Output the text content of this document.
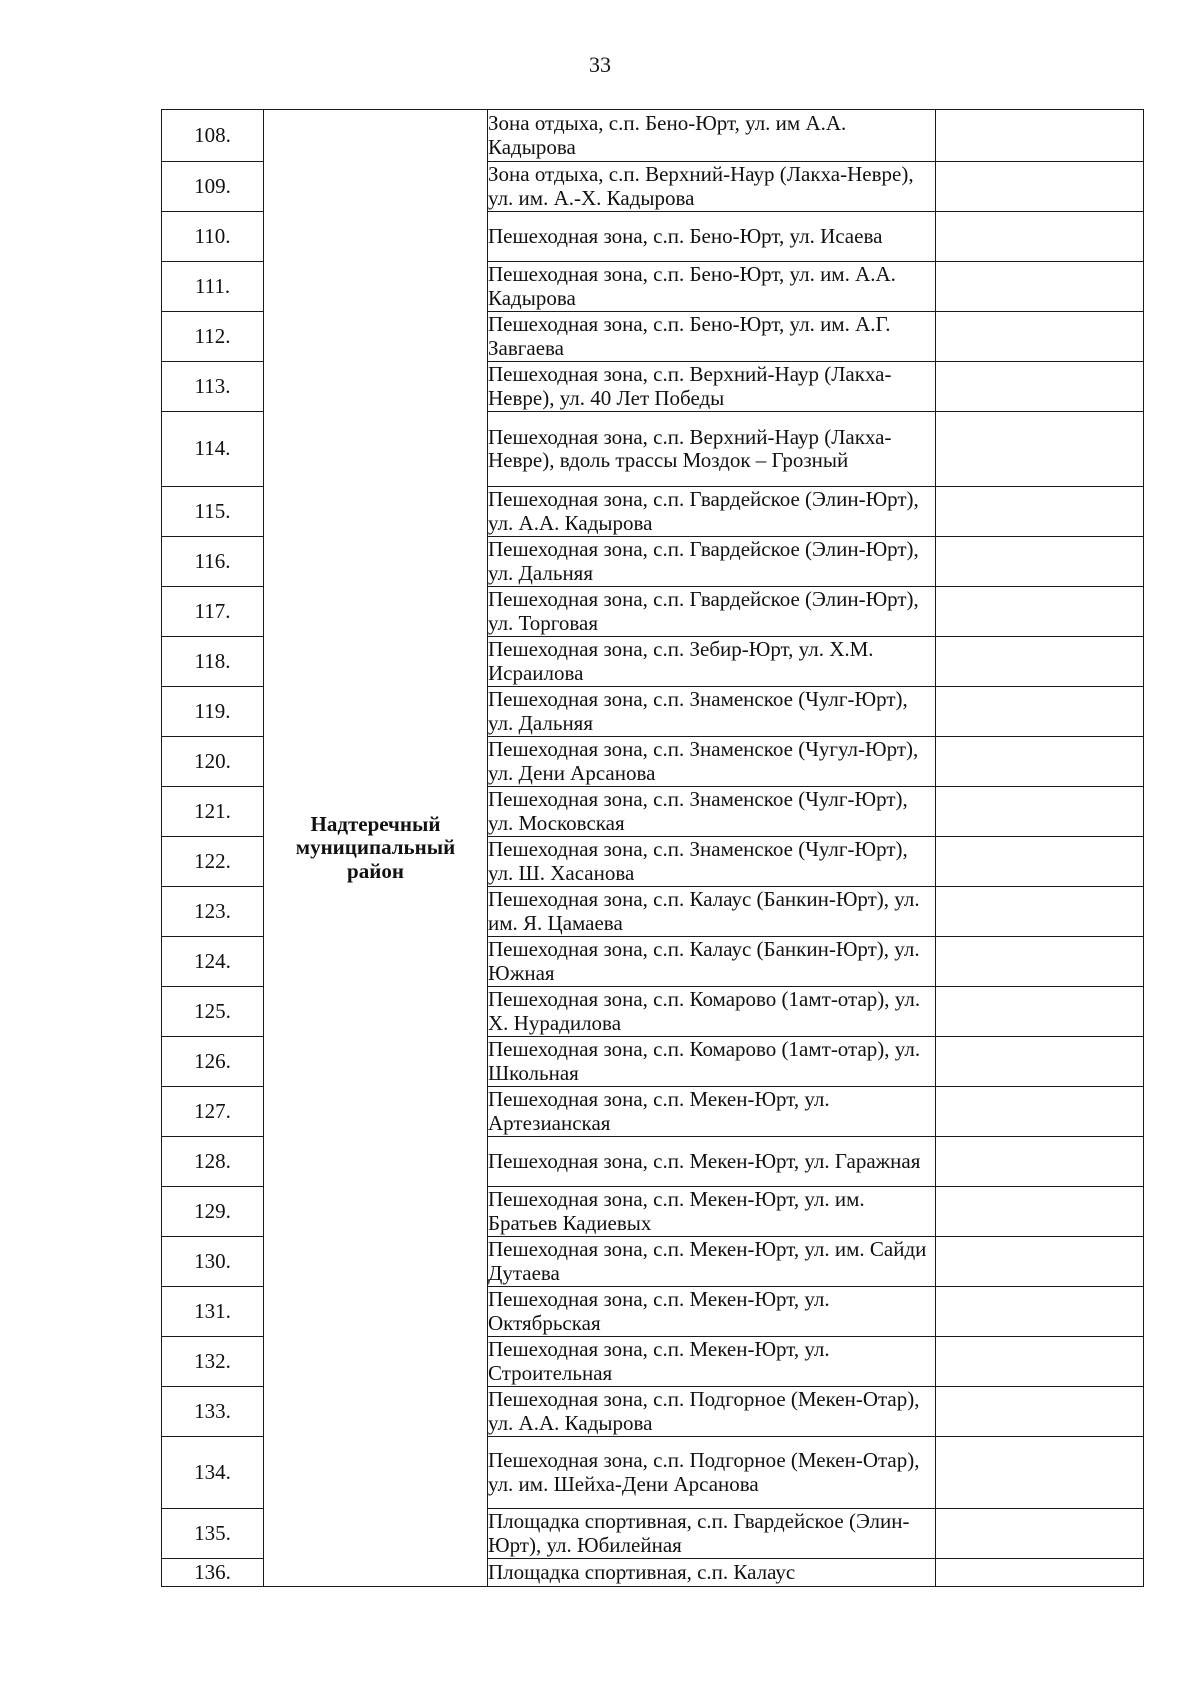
33
108.	Надтеречный
муниципальный
район	Зона отдыха, с.п. Бено-Юрт, ул. им А.А. Кадырова	
109.		Зона отдыха, с.п. Верхний-Наур (Лакха-Невре), ул. им. А.-Х. Кадырова	
110.		Пешеходная зона, с.п. Бено-Юрт, ул. Исаева	
111.		Пешеходная зона, с.п. Бено-Юрт, ул. им. А.А. Кадырова	
112.		Пешеходная зона, с.п. Бено-Юрт, ул. им. А.Г. Завгаева	
113.		Пешеходная зона, с.п. Верхний-Наур (Лакха-Невре), ул. 40 Лет Победы	
114.		Пешеходная зона, с.п. Верхний-Наур (Лакха-Невре), вдоль трассы Моздок – Грозный	
115.		Пешеходная зона, с.п. Гвардейское (Элин-Юрт), ул. А.А. Кадырова	
116.		Пешеходная зона, с.п. Гвардейское (Элин-Юрт), ул. Дальняя	
117.		Пешеходная зона, с.п. Гвардейское (Элин-Юрт), ул. Торговая	
118.		Пешеходная зона, с.п. Зебир-Юрт, ул. Х.М. Исраилова	
119.		Пешеходная зона, с.п. Знаменское (Чулг-Юрт), ул. Дальняя	
120.		Пешеходная зона, с.п. Знаменское (Чугул-Юрт), ул. Дени Арсанова	
121.		Пешеходная зона, с.п. Знаменское (Чулг-Юрт), ул. Московская	
122.		Пешеходная зона, с.п. Знаменское (Чулг-Юрт), ул. Ш. Хасанова	
123.		Пешеходная зона, с.п. Калаус (Банкин-Юрт), ул. им. Я. Цамаева	
124.		Пешеходная зона, с.п. Калаус (Банкин-Юрт), ул. Южная	
125.		Пешеходная зона, с.п. Комарово (1амт-отар), ул. Х. Нурадилова	
126.		Пешеходная зона, с.п. Комарово (1амт-отар), ул. Школьная	
127.		Пешеходная зона, с.п. Мекен-Юрт, ул. Артезианская	
128.		Пешеходная зона, с.п. Мекен-Юрт, ул. Гаражная	
129.		Пешеходная зона, с.п. Мекен-Юрт, ул. им. Братьев Кадиевых	
130.		Пешеходная зона, с.п. Мекен-Юрт, ул. им. Сайди Дутаева	
131.		Пешеходная зона, с.п. Мекен-Юрт, ул. Октябрьская	
132.		Пешеходная зона, с.п. Мекен-Юрт, ул. Строительная	
133.		Пешеходная зона, с.п. Подгорное (Мекен-Отар), ул. А.А. Кадырова	
134.		Пешеходная зона, с.п. Подгорное (Мекен-Отар), ул. им. Шейха-Дени Арсанова	
135.		Площадка спортивная, с.п. Гвардейское (Элин-Юрт), ул. Юбилейная	
136.		Площадка спортивная, с.п. Калаус	
